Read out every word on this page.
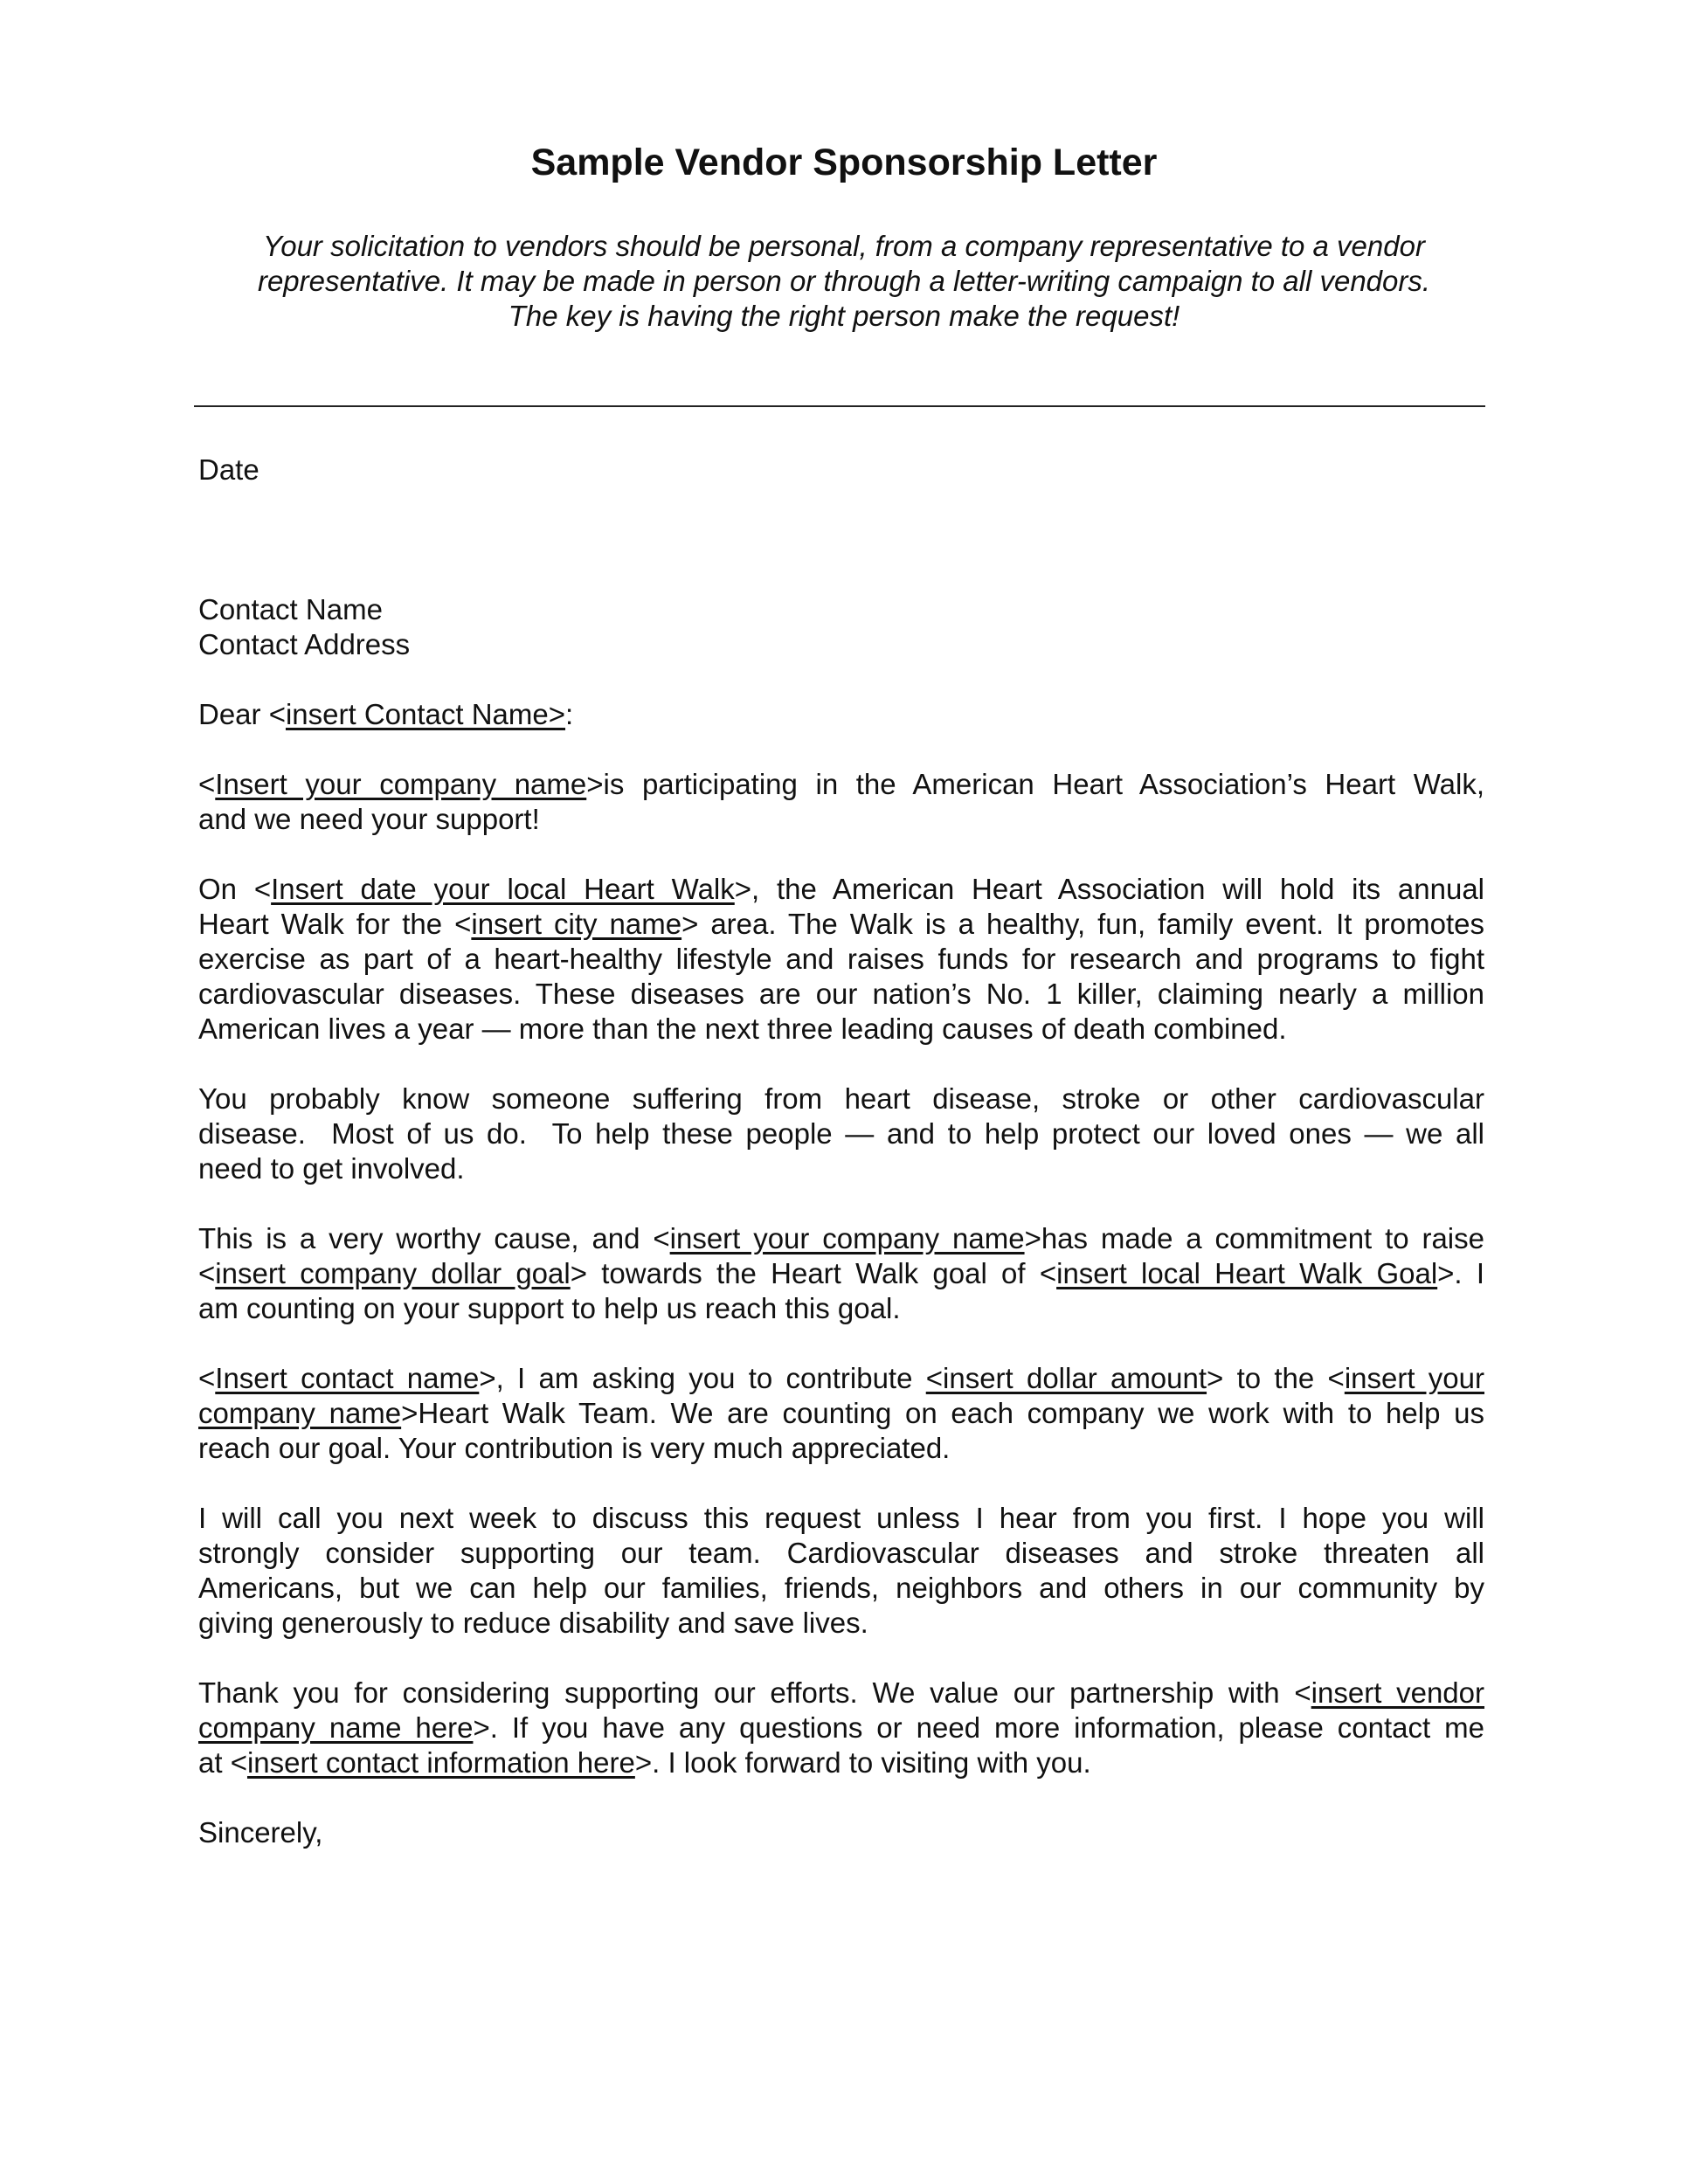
Sample Vendor Sponsorship Letter
Your solicitation to vendors should be personal, from a company representative to a vendor
representative. It may be made in person or through a letter-writing campaign to all vendors.
The key is having the right person make the request!
Date
Contact Name
Contact Address
Dear <insert Contact Name>:
<Insert your company name>is participating in the American Heart Association’s Heart Walk,
and we need your support!
On <Insert date your local Heart Walk>, the American Heart Association will hold its annual
Heart Walk for the <insert city name> area. The Walk is a healthy, fun, family event. It promotes
exercise as part of a heart-healthy lifestyle and raises funds for research and programs to fight
cardiovascular diseases. These diseases are our nation’s No. 1 killer, claiming nearly a million
American lives a year — more than the next three leading causes of death combined.
You probably know someone suffering from heart disease, stroke or other cardiovascular
disease.  Most of us do.  To help these people — and to help protect our loved ones — we all
need to get involved.
This is a very worthy cause, and <insert your company name>has made a commitment to raise
<insert company dollar goal> towards the Heart Walk goal of <insert local Heart Walk Goal>. I
am counting on your support to help us reach this goal.
<Insert contact name>, I am asking you to contribute <insert dollar amount> to the <insert your
company name>Heart Walk Team. We are counting on each company we work with to help us
reach our goal. Your contribution is very much appreciated.
I will call you next week to discuss this request unless I hear from you first. I hope you will
strongly consider supporting our team. Cardiovascular diseases and stroke threaten all
Americans, but we can help our families, friends, neighbors and others in our community by
giving generously to reduce disability and save lives.
Thank you for considering supporting our efforts. We value our partnership with <insert vendor
company name here>. If you have any questions or need more information, please contact me
at <insert contact information here>. I look forward to visiting with you.
Sincerely,
